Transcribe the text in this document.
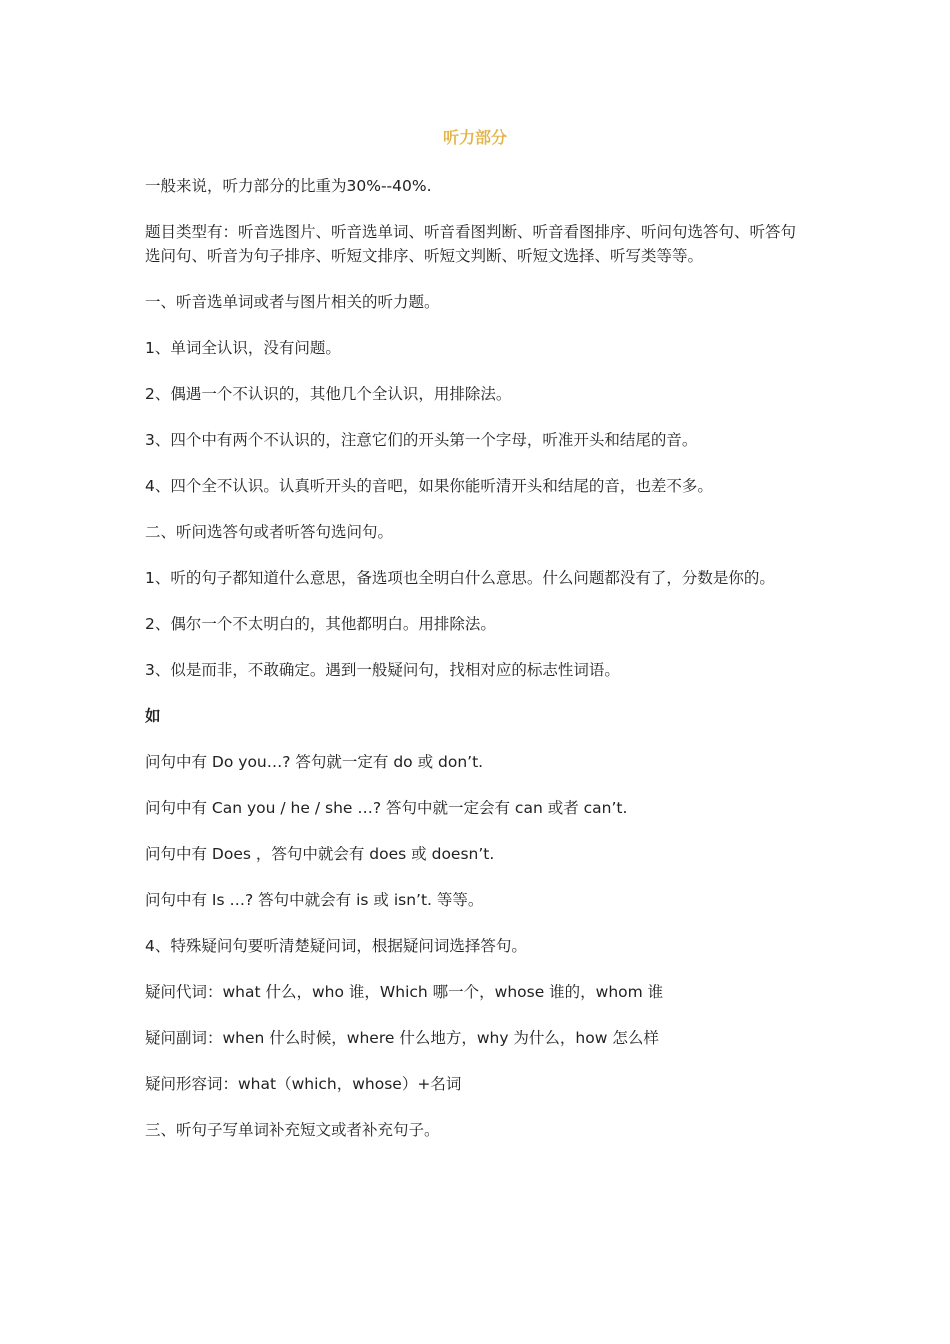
听力部分

一般来说，听力部分的比重为30%--40%.

题目类型有：听音选图片、听音选单词、听音看图判断、听音看图排序、听问句选答句、听答句选问句、听音为句子排序、听短文排序、听短文判断、听短文选择、听写类等等。

一、听音选单词或者与图片相关的听力题。

1、单词全认识，没有问题。

2、偶遇一个不认识的，其他几个全认识，用排除法。

3、四个中有两个不认识的，注意它们的开头第一个字母，听准开头和结尾的音。

4、四个全不认识。认真听开头的音吧，如果你能听清开头和结尾的音，也差不多。

二、听问选答句或者听答句选问句。

1、听的句子都知道什么意思，备选项也全明白什么意思。什么问题都没有了，分数是你的。

2、偶尔一个不太明白的，其他都明白。用排除法。

3、似是而非，不敢确定。遇到一般疑问句，找相对应的标志性词语。

如

问句中有 Do you…? 答句就一定有 do 或 don’t.

问句中有 Can you / he / she …? 答句中就一定会有 can 或者 can’t.

问句中有 Does ，答句中就会有 does 或 doesn’t.

问句中有 Is …? 答句中就会有 is 或 isn’t. 等等。

4、特殊疑问句要听清楚疑问词，根据疑问词选择答句。

疑问代词：what 什么，who 谁，Which 哪一个，whose 谁的，whom 谁

疑问副词：when 什么时候，where 什么地方，why 为什么，how 怎么样

疑问形容词：what（which，whose）+名词

三、听句子写单词补充短文或者补充句子。
